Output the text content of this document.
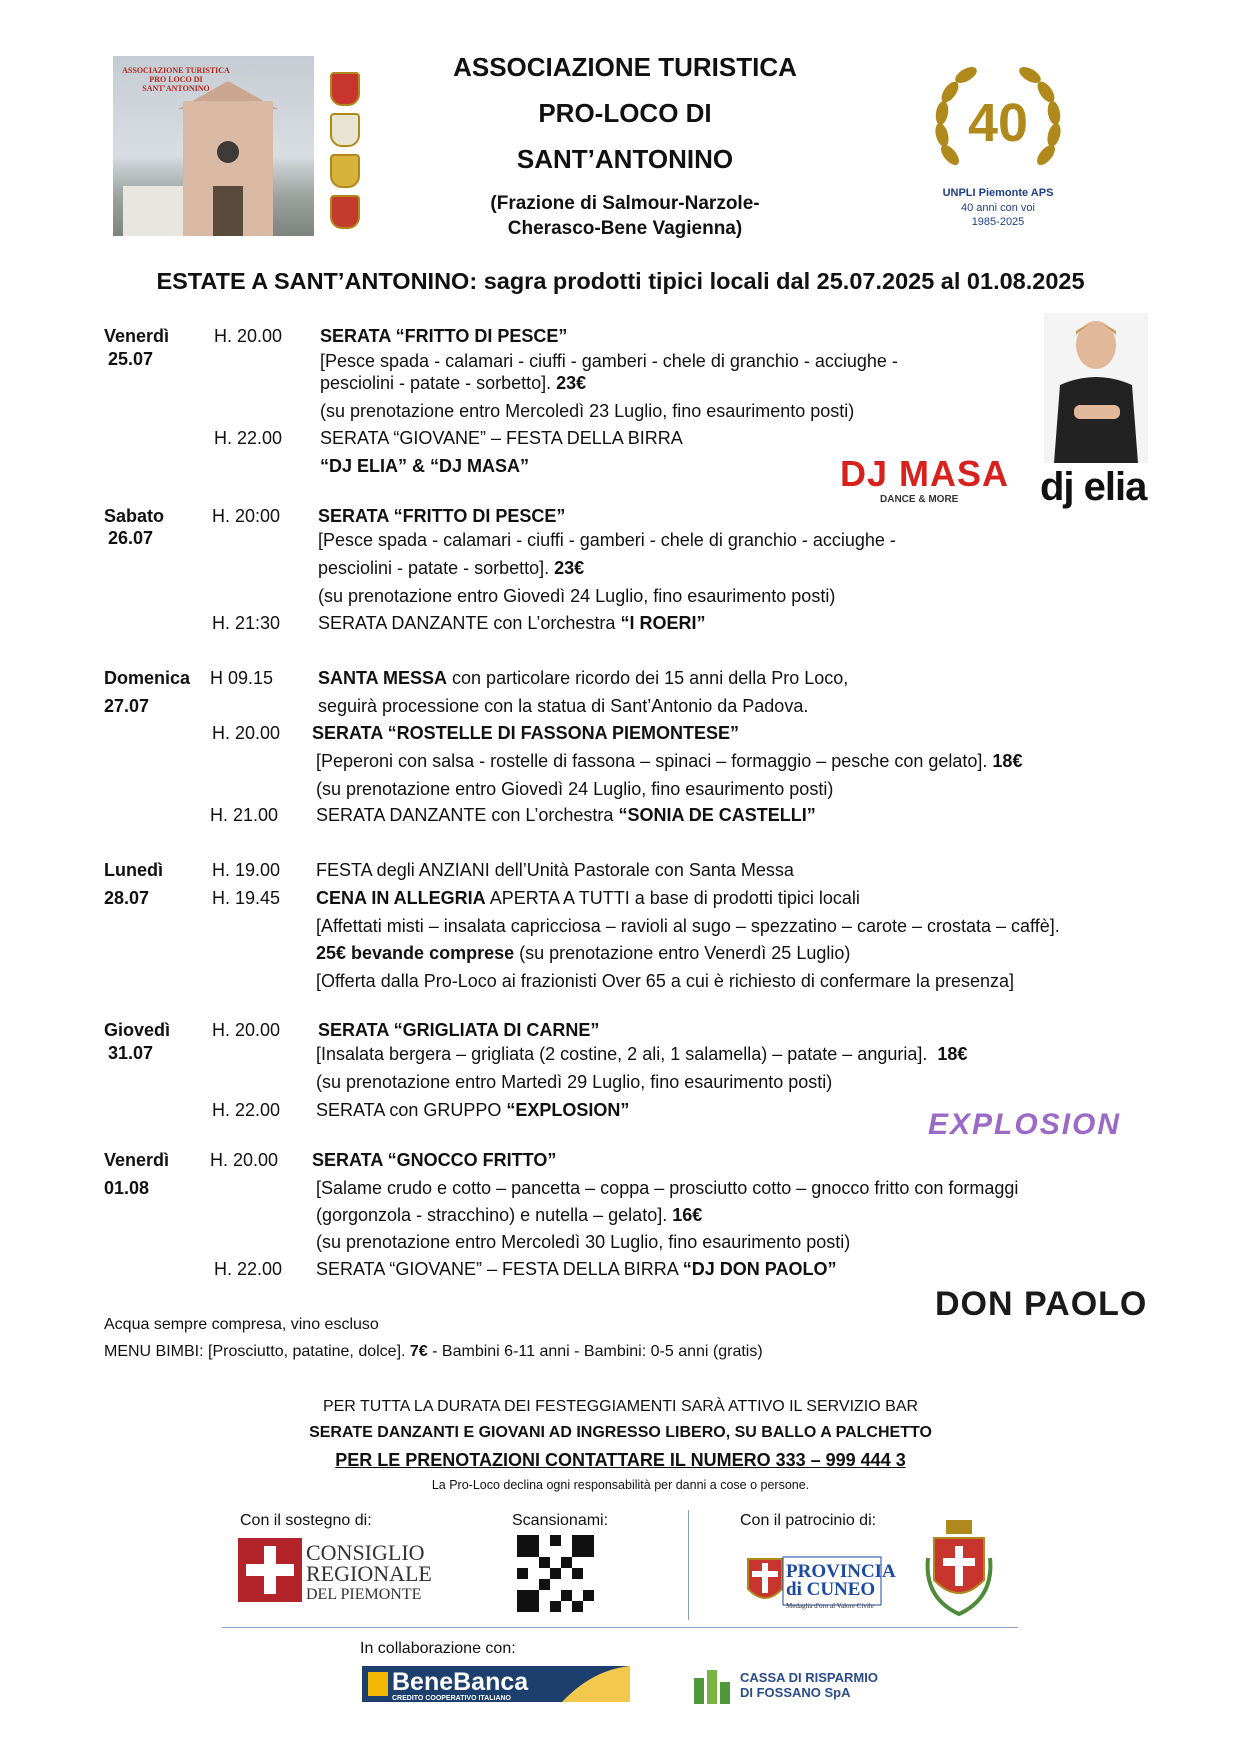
ASSOCIAZIONE TURISTICA PRO LOCO DI SANT'ANTONINO
ASSOCIAZIONE TURISTICA
PRO-LOCO DI
SANT’ANTONINO
(Frazione di Salmour-Narzole-
Cherasco-Bene Vagienna)
40
UNPLI Piemonte APS
40 anni con voi
1985-2025
ESTATE A SANT’ANTONINO: sagra prodotti tipici locali dal 25.07.2025 al 01.08.2025
Venerdì
25.07
H. 20.00 SERATA “FRITTO DI PESCE”
[Pesce spada - calamari - ciuffi - gamberi - chele di granchio - acciughe -
pesciolini - patate - sorbetto]. 23€
(su prenotazione entro Mercoledì 23 Luglio, fino esaurimento posti)
H. 22.00 SERATA “GIOVANE” – FESTA DELLA BIRRA
“DJ ELIA” & “DJ MASA”	DJ MASA
DANCE & MORE dj elia
Sabato
26.07
H. 20:00 SERATA “FRITTO DI PESCE”
[Pesce spada - calamari - ciuffi - gamberi - chele di granchio - acciughe -
pesciolini - patate - sorbetto]. 23€
(su prenotazione entro Giovedì 24 Luglio, fino esaurimento posti)
H. 21:30 SERATA DANZANTE con L’orchestra “I ROERI”
Domenica
27.07
H 09.15 SANTA MESSA con particolare ricordo dei 15 anni della Pro Loco,
seguirà processione con la statua di Sant’Antonio da Padova.
H. 20.00 SERATA “ROSTELLE DI FASSONA PIEMONTESE”
[Peperoni con salsa - rostelle di fassona – spinaci – formaggio – pesche con gelato]. 18€
(su prenotazione entro Giovedì 24 Luglio, fino esaurimento posti)
H. 21.00 SERATA DANZANTE con L’orchestra “SONIA DE CASTELLI”
Lunedì
28.07
H. 19.00 FESTA degli ANZIANI dell’Unità Pastorale con Santa Messa
H. 19.45 CENA IN ALLEGRIA APERTA A TUTTI a base di prodotti tipici locali
[Affettati misti – insalata capricciosa – ravioli al sugo – spezzatino – carote – crostata – caffè].
25€ bevande comprese (su prenotazione entro Venerdì 25 Luglio)
[Offerta dalla Pro-Loco ai frazionisti Over 65 a cui è richiesto di confermare la presenza]
Giovedì
31.07
H. 20.00 SERATA “GRIGLIATA DI CARNE”
[Insalata bergera – grigliata (2 costine, 2 ali, 1 salamella) – patate – anguria]. 18€
(su prenotazione entro Martedì 29 Luglio, fino esaurimento posti)
H. 22.00 SERATA con GRUPPO “EXPLOSION”	EXPLOSION
Venerdì
01.08
H. 20.00 SERATA “GNOCCO FRITTO”
[Salame crudo e cotto – pancetta – coppa – prosciutto cotto – gnocco fritto con formaggi
(gorgonzola - stracchino) e nutella – gelato]. 16€
(su prenotazione entro Mercoledì 30 Luglio, fino esaurimento posti)
H. 22.00 SERATA “GIOVANE” – FESTA DELLA BIRRA “DJ DON PAOLO”
DON PAOLO
Acqua sempre compresa, vino escluso
MENU BIMBI: [Prosciutto, patatine, dolce]. 7€ - Bambini 6-11 anni - Bambini: 0-5 anni (gratis)
PER TUTTA LA DURATA DEI FESTEGGIAMENTI SARÀ ATTIVO IL SERVIZIO BAR
SERATE DANZANTI E GIOVANI AD INGRESSO LIBERO, SU BALLO A PALCHETTO
PER LE PRENOTAZIONI CONTATTARE IL NUMERO 333 – 999 444 3
La Pro-Loco declina ogni responsabilità per danni a cose o persone.
Con il sostegno di:	Scansionami:	Con il patrocinio di:
CONSIGLIO
REGIONALE
DEL PIEMONTE
PROVINCIA
di CUNEO
Medaglia d'oro al Valore Civile
In collaborazione con:
BeneBanca
CREDITO COOPERATIVO ITALIANO
CASSA DI RISPARMIO
DI FOSSANO SpA
